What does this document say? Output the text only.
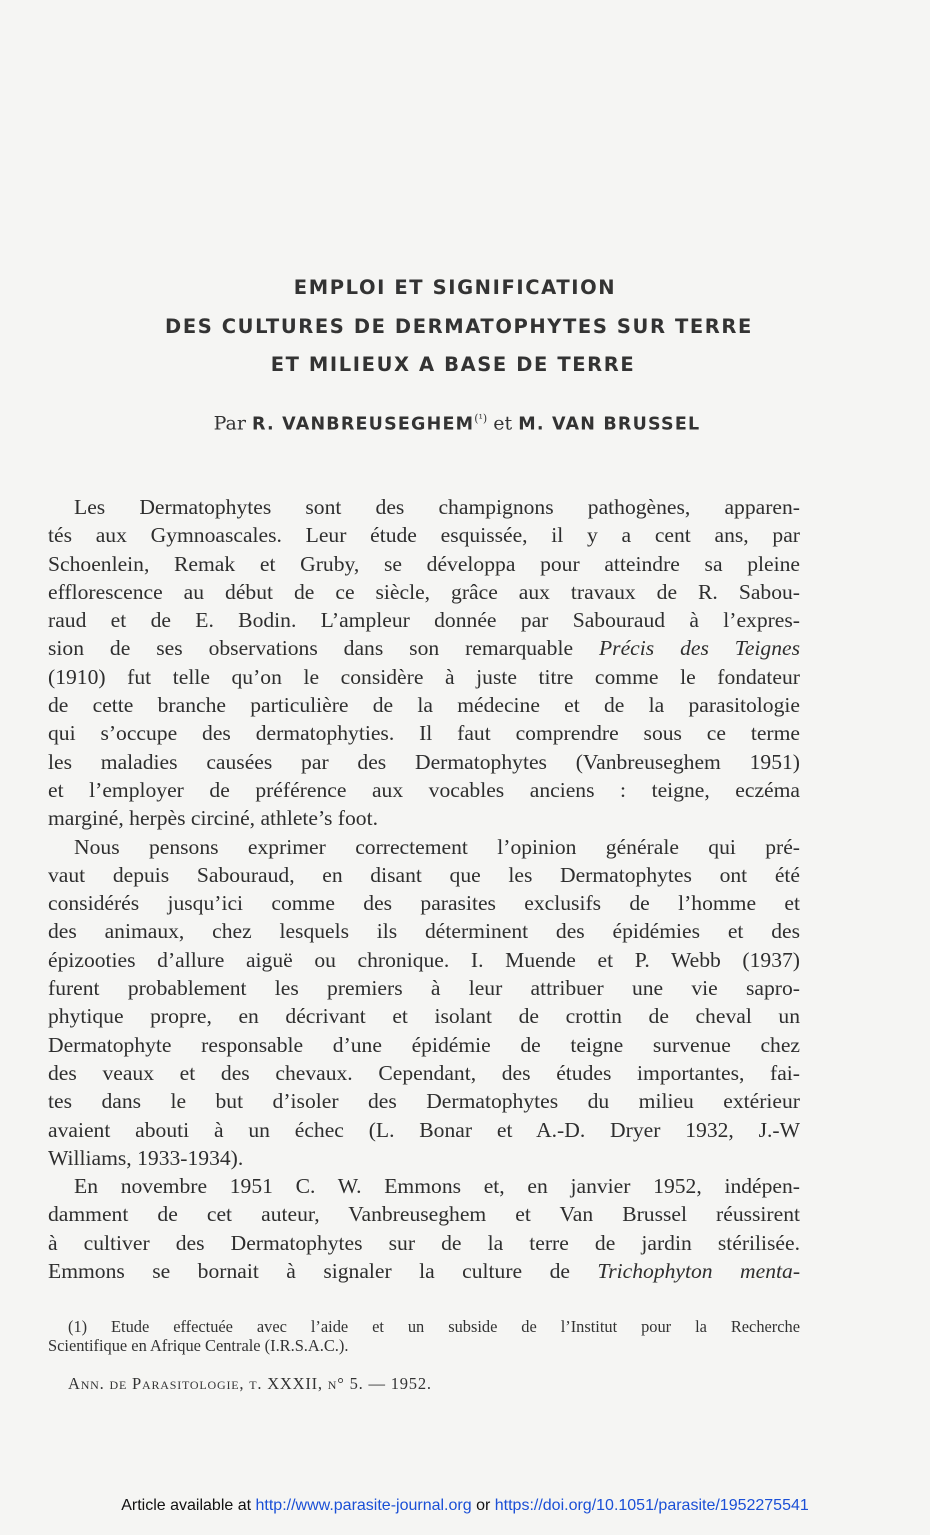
EMPLOI ET SIGNIFICATION
DES CULTURES DE DERMATOPHYTES SUR TERRE
ET MILIEUX A BASE DE TERRE
Par R. $VANBREUSEGHEM^{(^1)}$ et M. VAN BRUSSEL
Les Dermatophytes sont des champignons pathogènes, apparen-
tés aux Gymnoascales. Leur étude esquissée, il y a cent ans, par
Schoenlein, Remak et Gruby, se développa pour atteindre sa pleine
efflorescence au début de ce siècle, grâce aux travaux de R. Sabou-
raud et de E. Bodin. L’ampleur donnée par Sabouraud à l’expres-
sion de ses observations dans son remarquable Précis des Teignes
(1910) fut telle qu’on le considère à juste titre comme le fondateur
de cette branche particulière de la médecine et de la parasitologie
qui s’occupe des dermatophyties. Il faut comprendre sous ce terme
les maladies causées par des Dermatophytes (Vanbreuseghem 1951)
et l’employer de préférence aux vocables anciens : teigne, eczéma
marginé, herpès circiné, athlete’s foot.
Nous pensons exprimer correctement l’opinion générale qui pré-
vaut depuis Sabouraud, en disant que les Dermatophytes ont été
considérés jusqu’ici comme des parasites exclusifs de l’homme et
des animaux, chez lesquels ils déterminent des épidémies et des
épizooties d’allure aiguë ou chronique. I. Muende et P. Webb (1937)
furent probablement les premiers à leur attribuer une vie sapro-
phytique propre, en décrivant et isolant de crottin de cheval un
Dermatophyte responsable d’une épidémie de teigne survenue chez
des veaux et des chevaux. Cependant, des études importantes, fai-
tes dans le but d’isoler des Dermatophytes du milieu extérieur
avaient abouti à un échec (L. Bonar et A.-D. Dryer 1932, J.-W
Williams, 1933-1934).
En novembre 1951 C. W. Emmons et, en janvier 1952, indépen-
damment de cet auteur, Vanbreuseghem et Van Brussel réussirent
à cultiver des Dermatophytes sur de la terre de jardin stérilisée.
Emmons se bornait à signaler la culture de Trichophyton menta-
(1) Etude effectuée avec l’aide et un subside de l’Institut pour la Recherche
Scientifique en Afrique Centrale (I.R.S.A.C.).
Ann. de Parasitologie, t. XXXII, n° 5. — 1952.
Article available at http://www.parasite-journal.org or https://doi.org/10.1051/parasite/1952275541
